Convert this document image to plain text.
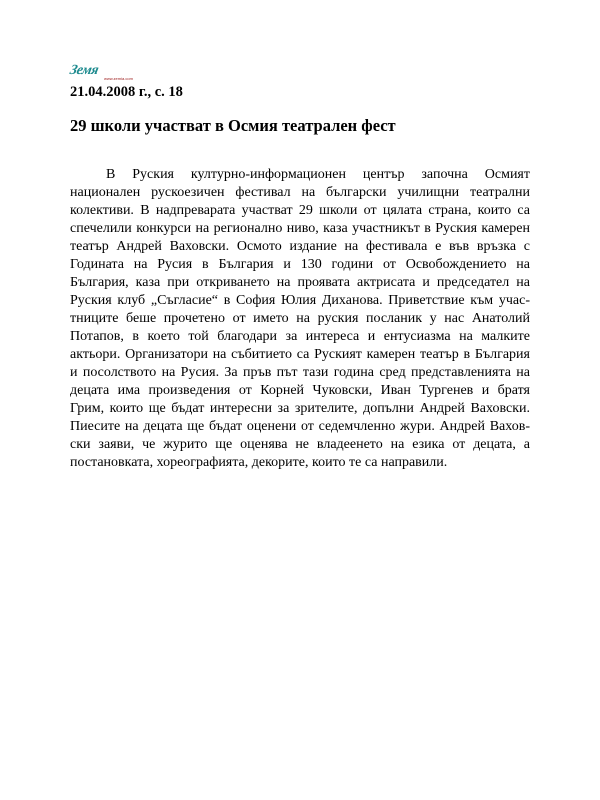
Земя
www.zemia.com
21.04.2008 г., с. 18
29 школи участват в Осмия театрален фест
В Руския културно-информационен център започна Осмият
национален рускоезичен фестивал на български училищни театрални
колективи. В надпреварата участват 29 школи от цялата страна, които са
спечелили конкурси на регионално ниво, каза участникът в Руския камерен
театър Андрей Ваховски. Осмото издание на фестивала е във връзка с
Годината на Русия в България и 130 години от Освобождението на
България, каза при откриването на проявата актрисата и председател на
Руския клуб „Съгласие“ в София Юлия Диханова. Приветствие към учас-
тниците беше прочетено от името на руския посланик у нас Анатолий
Потапов, в което той благодари за интереса и ентусиазма на малките
актьори. Организатори на събитието са Руският камерен театър в България
и посолството на Русия. За пръв път тази година сред представленията на
децата има произведения от Корней Чуковски, Иван Тургенев и братя
Грим, които ще бъдат интересни за зрителите, допълни Андрей Ваховски.
Пиесите на децата ще бъдат оценени от седемчленно жури. Андрей Вахов-
ски заяви, че журито ще оценява не владеенето на езика от децата, а
постановката, хореографията, декорите, които те са направили.
